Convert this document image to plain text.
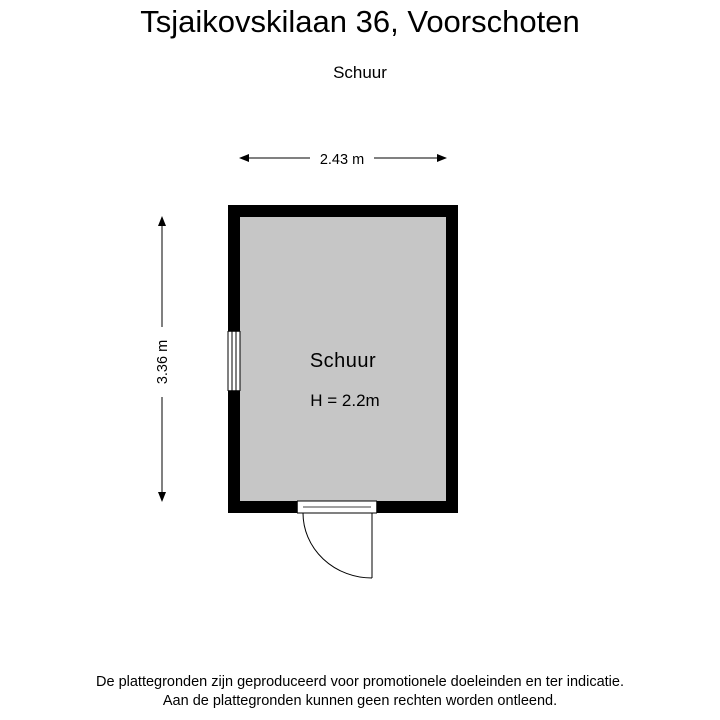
Tsjaikovskilaan 36, Voorschoten
Schuur
2.43 m
3.36 m	Schuur
H = 2.2m
De plattegronden zijn geproduceerd voor promotionele doeleinden en ter indicatie.
Aan de plattegronden kunnen geen rechten worden ontleend.
